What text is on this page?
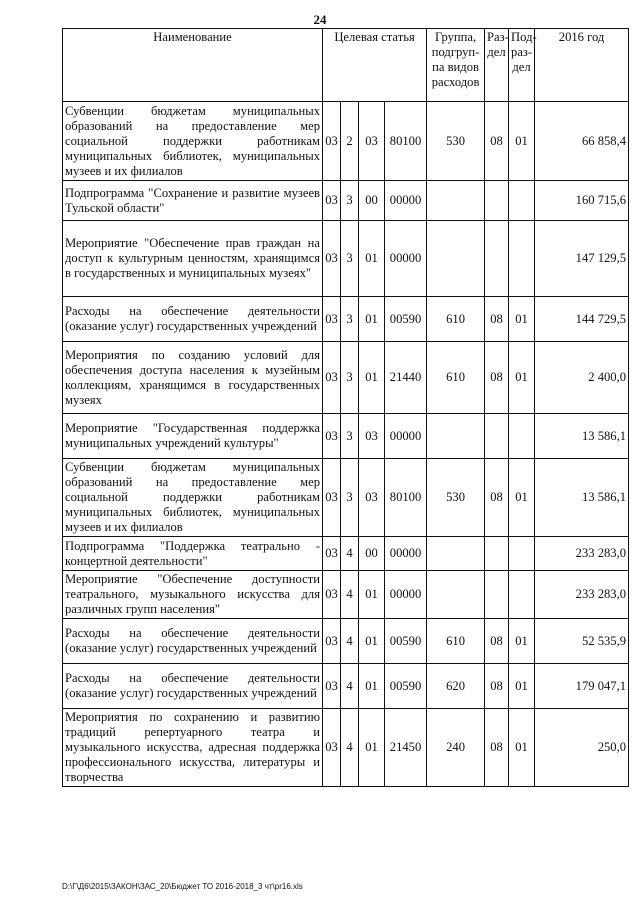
24
Наименование	Целевая статья				Группа, подгруп-па видов расходов	Раз-дел	Под-раз-дел	2016 год
Субвенции бюджетам муниципальных образований на предоставление мер социальной поддержки работникам муниципальных библиотек, муниципальных музеев и их филиалов	03	2	03	80100	530	08	01	66 858,4
Подпрограмма "Сохранение и развитие музеев Тульской области"	03	3	00	00000				160 715,6
Мероприятие "Обеспечение прав граждан на доступ к культурным ценностям, хранящимся в государственных и муниципальных музеях"	03	3	01	00000				147 129,5
Расходы на обеспечение деятельности (оказание услуг) государственных учреждений	03	3	01	00590	610	08	01	144 729,5
Мероприятия по созданию условий для обеспечения доступа населения к музейным коллекциям, хранящимся в государственных музеях	03	3	01	21440	610	08	01	2 400,0
Мероприятие "Государственная поддержка муниципальных учреждений культуры"	03	3	03	00000				13 586,1
Субвенции бюджетам муниципальных образований на предоставление мер социальной поддержки работникам муниципальных библиотек, муниципальных музеев и их филиалов	03	3	03	80100	530	08	01	13 586,1
Подпрограмма "Поддержка театрально - концертной деятельности"	03	4	00	00000				233 283,0
Мероприятие "Обеспечение доступности театрального, музыкального искусства для различных групп населения"	03	4	01	00000				233 283,0
Расходы на обеспечение деятельности (оказание услуг) государственных учреждений	03	4	01	00590	610	08	01	52 535,9
Расходы на обеспечение деятельности (оказание услуг) государственных учреждений	03	4	01	00590	620	08	01	179 047,1
Мероприятия по сохранению и развитию традиций репертуарного театра и музыкального искусства, адресная поддержка профессионального искусства, литературы и творчества	03	4	01	21450	240	08	01	250,0
D:\Г\Д6\2015\ЗАКОН\ЗАС_20\Бюджет ТО 2016-2018_3 чт\pr16.xls
